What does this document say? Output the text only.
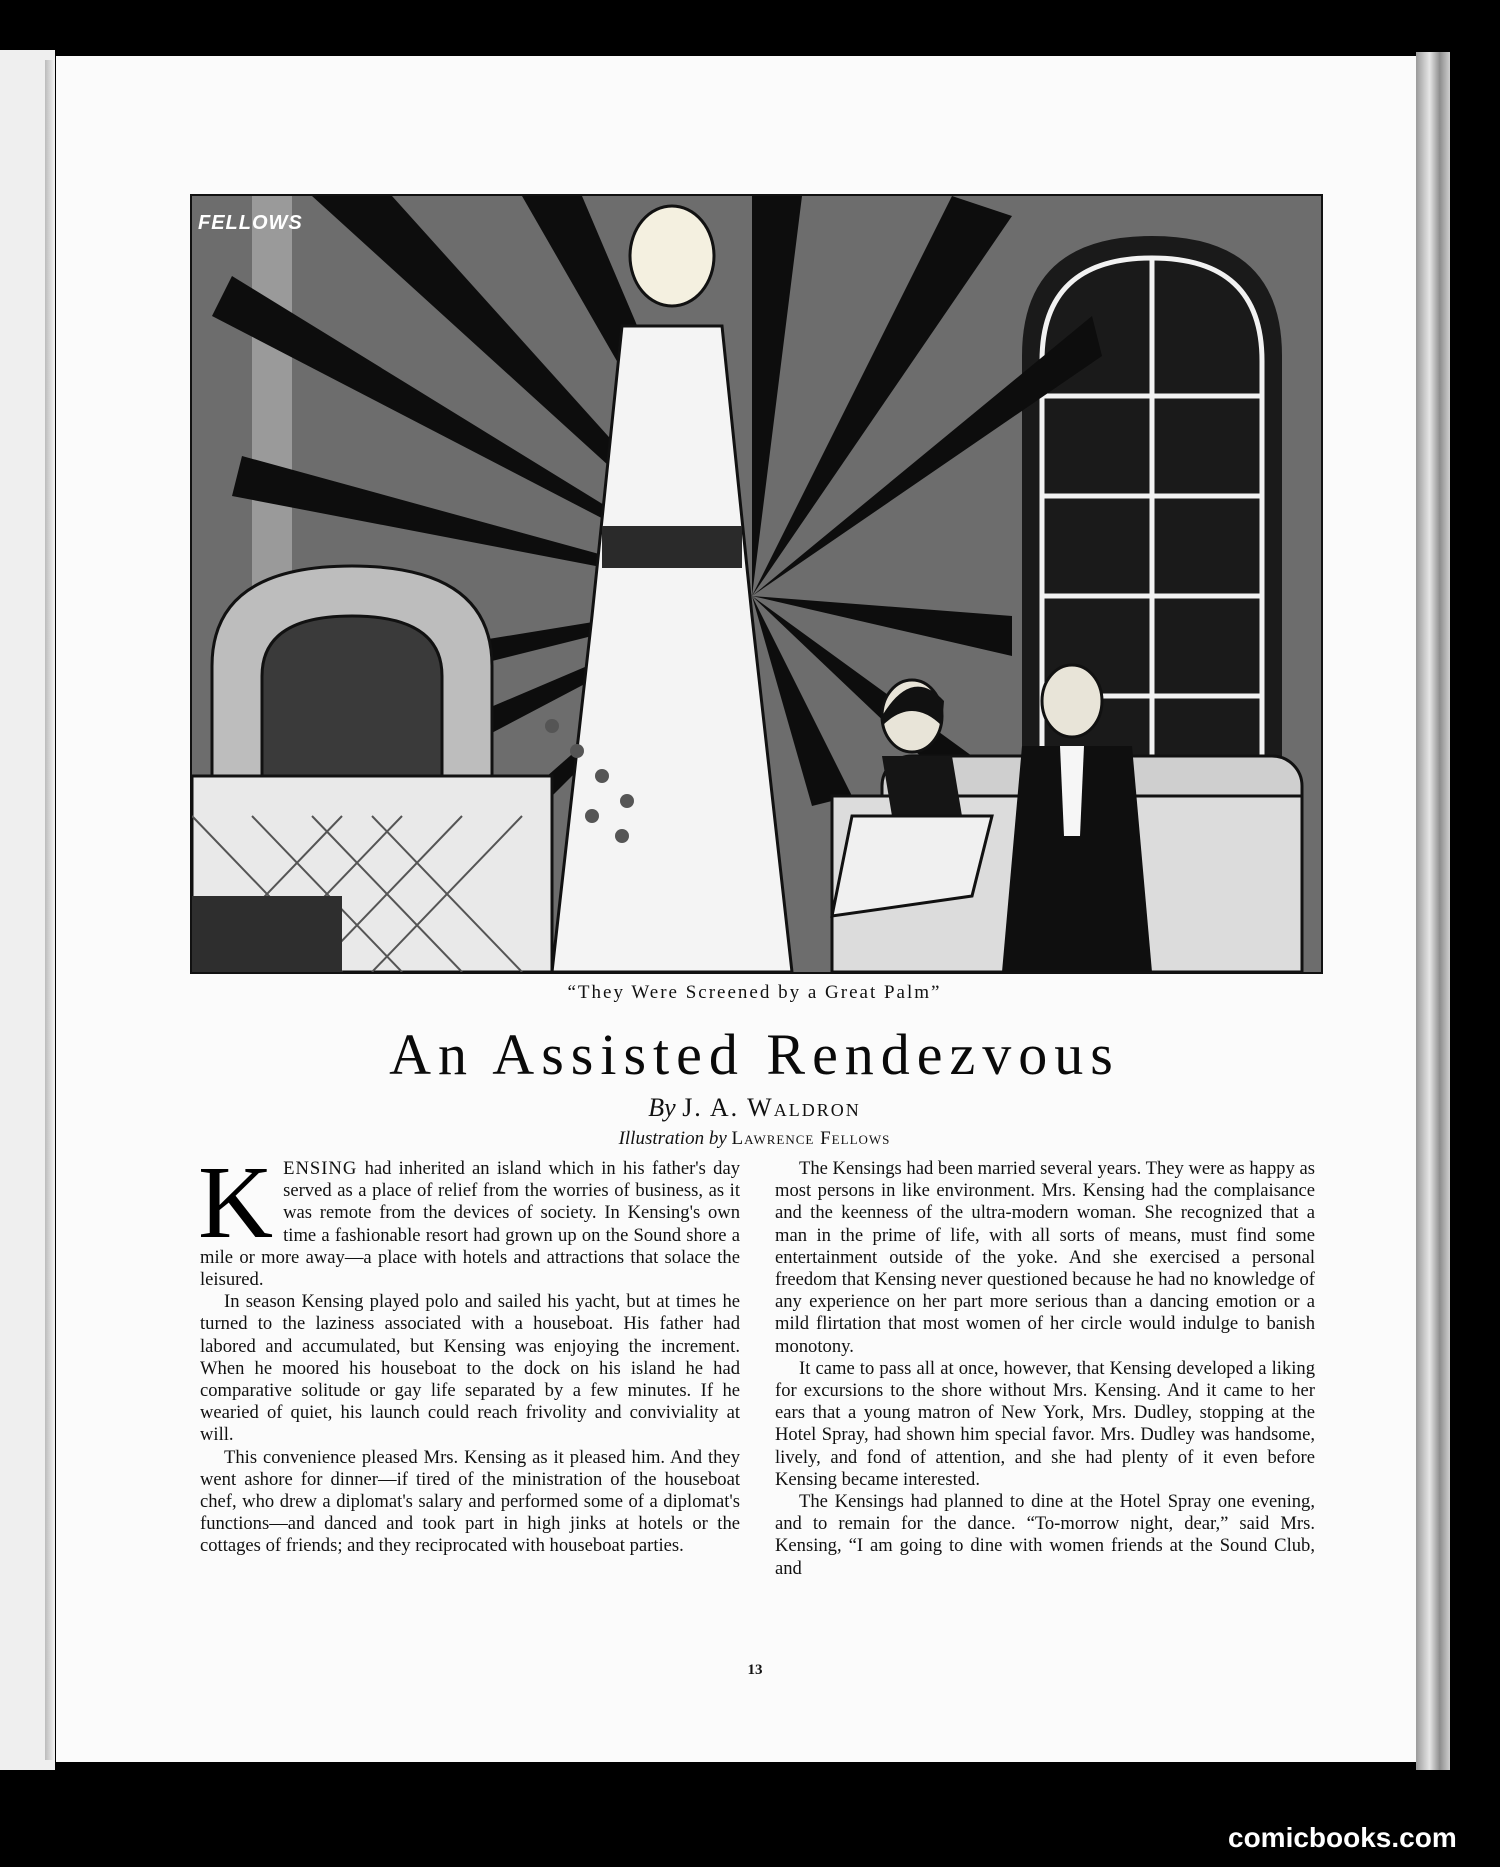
FELLOWS
“They Were Screened by a Great Palm”
An Assisted Rendezvous
By J. A. Waldron
Illustration by Lawrence Fellows

KENSING had inherited an island which in his father's day served as a place of relief from the worries of business, as it was remote from the devices of society. In Kensing's own time a fashionable resort had grown up on the Sound shore a mile or more away—a place with hotels and attractions that solace the leisured.

In season Kensing played polo and sailed his yacht, but at times he turned to the laziness associated with a houseboat. His father had labored and accumulated, but Kensing was enjoying the increment. When he moored his houseboat to the dock on his island he had comparative solitude or gay life separated by a few minutes. If he wearied of quiet, his launch could reach frivolity and conviviality at will.

This convenience pleased Mrs. Kensing as it pleased him. And they went ashore for dinner—if tired of the ministration of the houseboat chef, who drew a diplomat's salary and performed some of a diplomat's functions—and danced and took part in high jinks at hotels or the cottages of friends; and they reciprocated with houseboat parties.

The Kensings had been married several years. They were as happy as most persons in like environment. Mrs. Kensing had the complaisance and the keenness of the ultra-modern woman. She recognized that a man in the prime of life, with all sorts of means, must find some entertainment outside of the yoke. And she exercised a personal freedom that Kensing never questioned because he had no knowledge of any experience on her part more serious than a dancing emotion or a mild flirtation that most women of her circle would indulge to banish monotony.

It came to pass all at once, however, that Kensing developed a liking for excursions to the shore without Mrs. Kensing. And it came to her ears that a young matron of New York, Mrs. Dudley, stopping at the Hotel Spray, had shown him special favor. Mrs. Dudley was handsome, lively, and fond of attention, and she had plenty of it even before Kensing became interested.

The Kensings had planned to dine at the Hotel Spray one evening, and to remain for the dance. “To-morrow night, dear,” said Mrs. Kensing, “I am going to dine with women friends at the Sound Club, and

13
comicbooks.com
